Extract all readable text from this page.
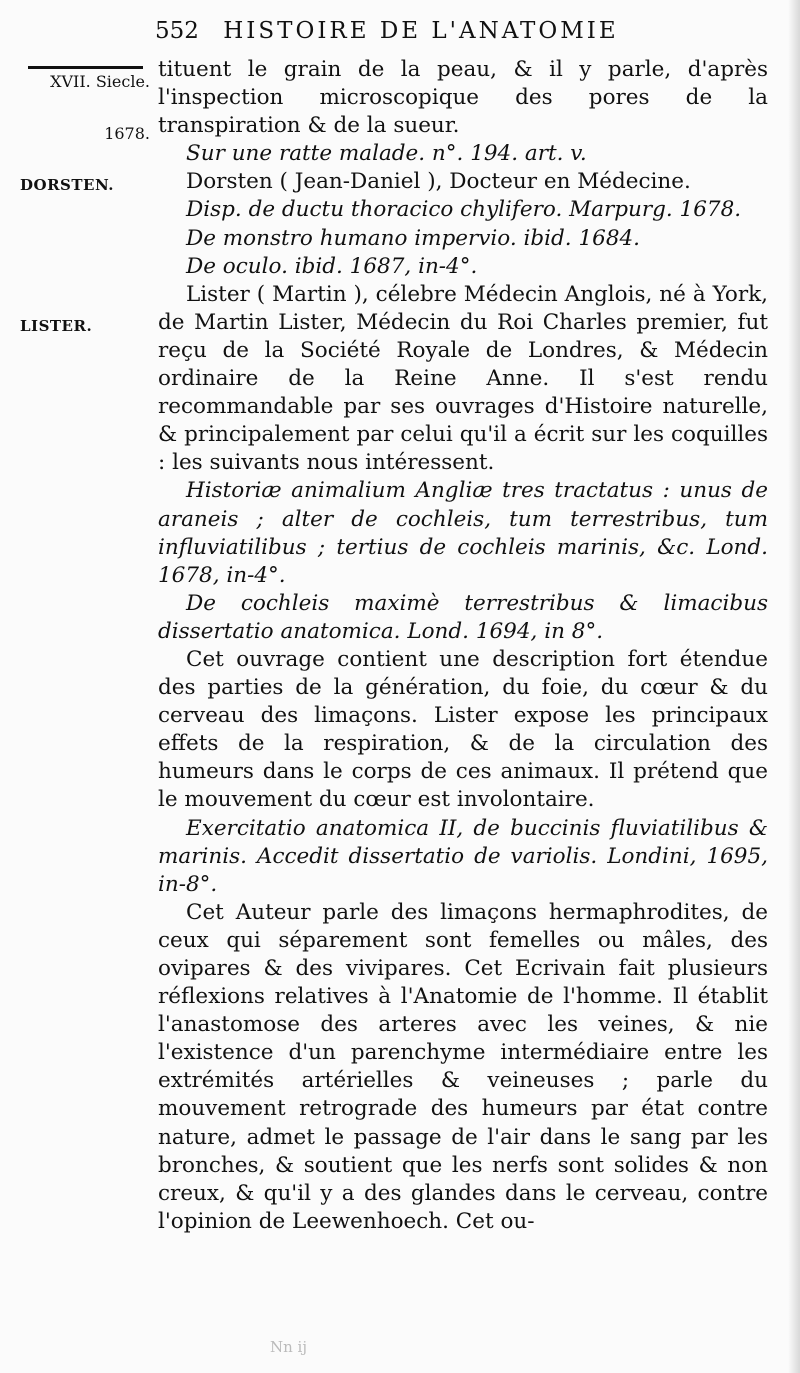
552 HISTOIRE DE L'ANATOMIE
XVII. Siecle.
1678.
DORSTEN.
LISTER.

tituent le grain de la peau, & il y parle, d'après l'inspection microscopique des pores de la transpiration & de la sueur.

Sur une ratte malade. n°. 194. art. v.

Dorsten ( Jean-Daniel ), Docteur en Médecine.

Disp. de ductu thoracico chylifero. Marpurg. 1678.

De monstro humano impervio. ibid. 1684.

De oculo. ibid. 1687, in-4°.

Lister ( Martin ), célebre Médecin Anglois, né à York, de Martin Lister, Médecin du Roi Charles premier, fut reçu de la Société Royale de Londres, & Médecin ordinaire de la Reine Anne. Il s'est rendu recommandable par ses ouvrages d'Histoire naturelle, & principalement par celui qu'il a écrit sur les coquilles : les suivants nous intéressent.

Historiæ animalium Angliæ tres tractatus : unus de araneis ; alter de cochleis, tum terrestribus, tum influviatilibus ; tertius de cochleis marinis, &c. Lond. 1678, in-4°.

De cochleis maximè terrestribus & limacibus dissertatio anatomica. Lond. 1694, in 8°.

Cet ouvrage contient une description fort étendue des parties de la génération, du foie, du cœur & du cerveau des limaçons. Lister expose les principaux effets de la respiration, & de la circulation des humeurs dans le corps de ces animaux. Il prétend que le mouvement du cœur est involontaire.

Exercitatio anatomica II, de buccinis fluviatilibus & marinis. Accedit dissertatio de variolis. Londini, 1695, in-8°.

Cet Auteur parle des limaçons hermaphrodites, de ceux qui séparement sont femelles ou mâles, des ovipares & des vivipares. Cet Ecrivain fait plusieurs réflexions relatives à l'Anatomie de l'homme. Il établit l'anastomose des arteres avec les veines, & nie l'existence d'un parenchyme intermédiaire entre les extrémités artérielles & veineuses ; parle du mouvement retrograde des humeurs par état contre nature, admet le passage de l'air dans le sang par les bronches, & soutient que les nerfs sont solides & non creux, & qu'il y a des glandes dans le cerveau, contre l'opinion de Leewenhoech. Cet ou-

Nn ij
